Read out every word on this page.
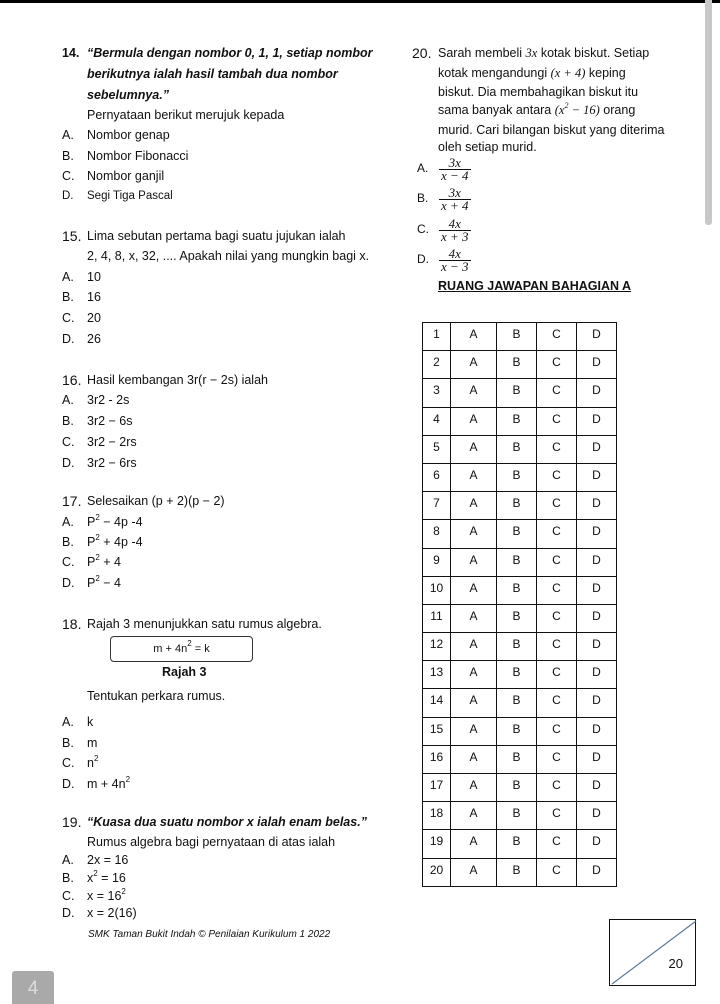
14. “Bermula dengan nombor 0, 1, 1, setiap nombor
berikutnya ialah hasil tambah dua nombor
sebelumnya.”
Pernyataan berikut merujuk kepada
A. Nombor genap
B. Nombor Fibonacci
C. Nombor ganjil
D. Segi Tiga Pascal
15. Lima sebutan pertama bagi suatu jujukan ialah
2, 4, 8, x, 32, .... Apakah nilai yang mungkin bagi x.
A. 10
B. 16
C. 20
D. 26
16. Hasil kembangan 3r(r − 2s) ialah
A. 3r2 - 2s
B. 3r2 − 6s
C. 3r2 − 2rs
D. 3r2 − 6rs
17. Selesaikan (p + 2)(p − 2)
A. $P^2 - 4p$ -4
B. $P^2 + 4p$ -4
C. $P^2 + 4$
D. $P^2 - 4$
18. Rajah 3 menunjukkan satu rumus algebra.
$m + 4n^2 = k$
Rajah 3
Tentukan perkara rumus.
A. k
B. m
C. $n^2$
D. $m + 4n^2$
19. “Kuasa dua suatu nombor x ialah enam belas.”
Rumus algebra bagi pernyataan di atas ialah
A. 2x = 16
B. $x^2 = 16$
C. $x = 16^2$
D. x = 2(16)
20. Sarah membeli 3x kotak biskut. Setiap
kotak mengandungi (x + 4) keping
biskut. Dia membahagikan biskut itu
sama banyak antara $(x^2 - 16)$ orang
murid. Cari bilangan biskut yang diterima
oleh setiap murid.
A. $\frac{3x}{x - 4}$
B. $\frac{3x}{x + 4}$
C. $\frac{4x}{x + 3}$
D. $\frac{4x}{x - 3}$
RUANG JAWAPAN BAHAGIAN A
1	A	B	C	D
2	A	B	C	D
3	A	B	C	D
4	A	B	C	D
5	A	B	C	D
6	A	B	C	D
7	A	B	C	D
8	A	B	C	D
9	A	B	C	D
10	A	B	C	D
11	A	B	C	D
12	A	B	C	D
13	A	B	C	D
14	A	B	C	D
15	A	B	C	D
16	A	B	C	D
17	A	B	C	D
18	A	B	C	D
19	A	B	C	D
20	A	B	C	D
SMK Taman Bukit Indah © Penilaian Kurikulum 1 2022
20
4
